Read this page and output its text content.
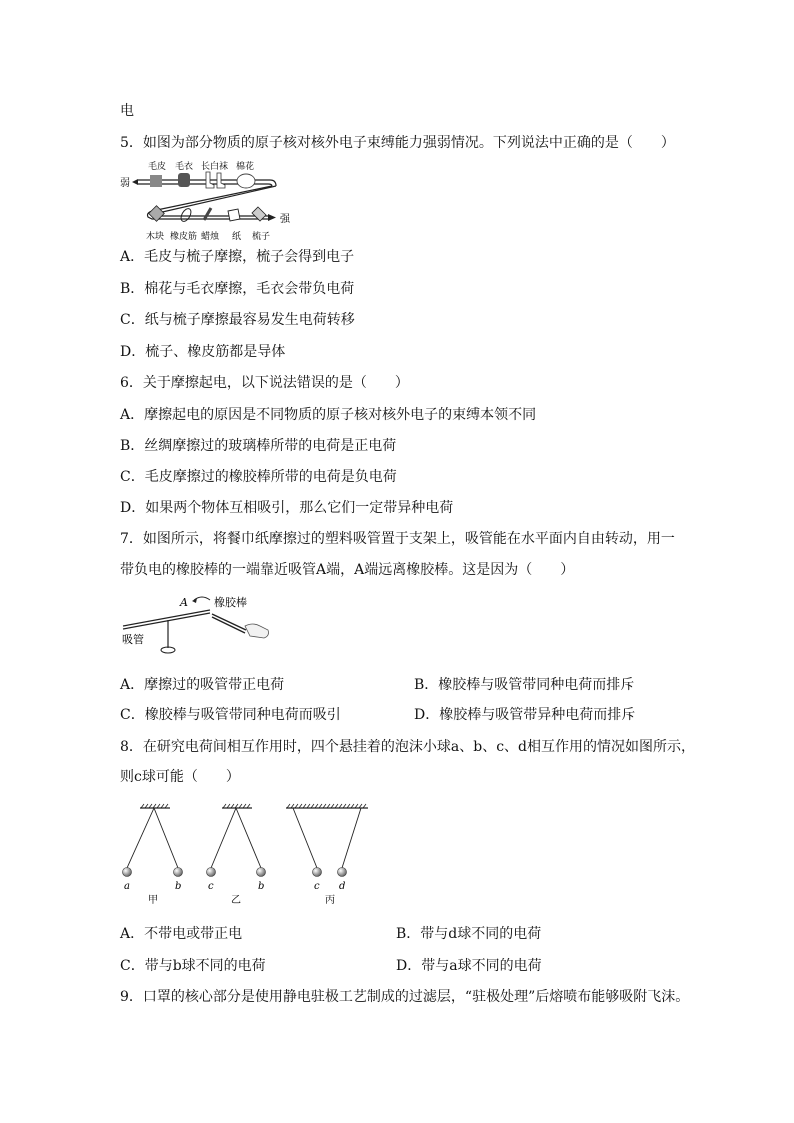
电
5．如图为部分物质的原子核对核外电子束缚能力强弱情况。下列说法中正确的是（　　）
毛皮 毛衣 长白袜 棉花
弱
强
木块 橡皮筋 蜡烛 纸 梳子
A．毛皮与梳子摩擦，梳子会得到电子
B．棉花与毛衣摩擦，毛衣会带负电荷
C．纸与梳子摩擦最容易发生电荷转移
D．梳子、橡皮筋都是导体
6．关于摩擦起电，以下说法错误的是（　　）
A．摩擦起电的原因是不同物质的原子核对核外电子的束缚本领不同
B．丝绸摩擦过的玻璃棒所带的电荷是正电荷
C．毛皮摩擦过的橡胶棒所带的电荷是负电荷
D．如果两个物体互相吸引，那么它们一定带异种电荷
7．如图所示，将餐巾纸摩擦过的塑料吸管置于支架上，吸管能在水平面内自由转动，用一
带负电的橡胶棒的一端靠近吸管A端，A端远离橡胶棒。这是因为（　　）
A 橡胶棒
吸管
A．摩擦过的吸管带正电荷	B．橡胶棒与吸管带同种电荷而排斥
C．橡胶棒与吸管带同种电荷而吸引	D．橡胶棒与吸管带异种电荷而排斥
8．在研究电荷间相互作用时，四个悬挂着的泡沫小球a、b、c、d相互作用的情况如图所示，
则c球可能（　　）
a	b
甲
c	b
乙
c d
丙
A．不带电或带正电	B．带与d球不同的电荷
C．带与b球不同的电荷	D．带与a球不同的电荷
9．口罩的核心部分是使用静电驻极工艺制成的过滤层，“驻极处理”后熔喷布能够吸附飞沫。
